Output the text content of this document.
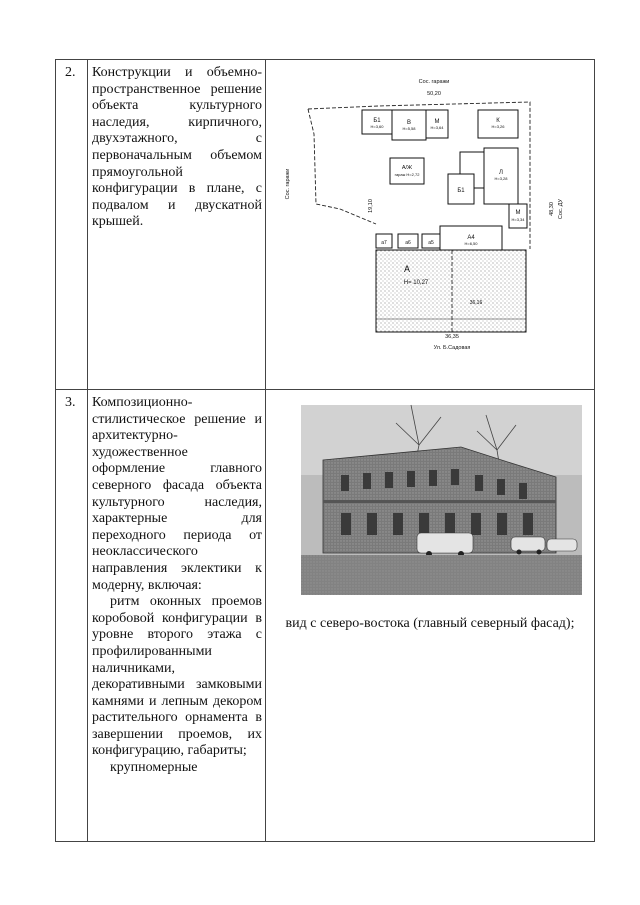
2. Конструкции и объемно-пространственное решение объекта культурного наследия, кирпичного, двухэтажного, с первоначальным объемом прямоугольной конфигурации в плане, с подвалом и двускатной крышей.

Сос. гаражи
50,20
Сос. гаражи
Сос. ДУ
48,30
19,10
Б1
Н=3,60
В
Н=5,58
М
Н=3,64
К
Н=3,26
А/Ж
гараж Н=2,72	Л
Н=3,28
Б1
М
Н=3,34
А4
Н=6,50
а7	а6	а5
А
Н= 10,27
36,16
36,35
Ул. Б.Садовая
3. Композиционно-стилистическое решение и архитектурно-художественное оформление главного северного фасада объекта культурного наследия, характерные для переходного периода от неоклассического направления эклектики к модерну, включая:

ритм оконных проемов коробовой конфигурации в уровне второго этажа с профилированными наличниками, декоративными замковыми камнями и лепным декором растительного орнамента в завершении проемов, их конфигурацию, габариты;

крупномерные

вид с северо-востока (главный северный фасад);
